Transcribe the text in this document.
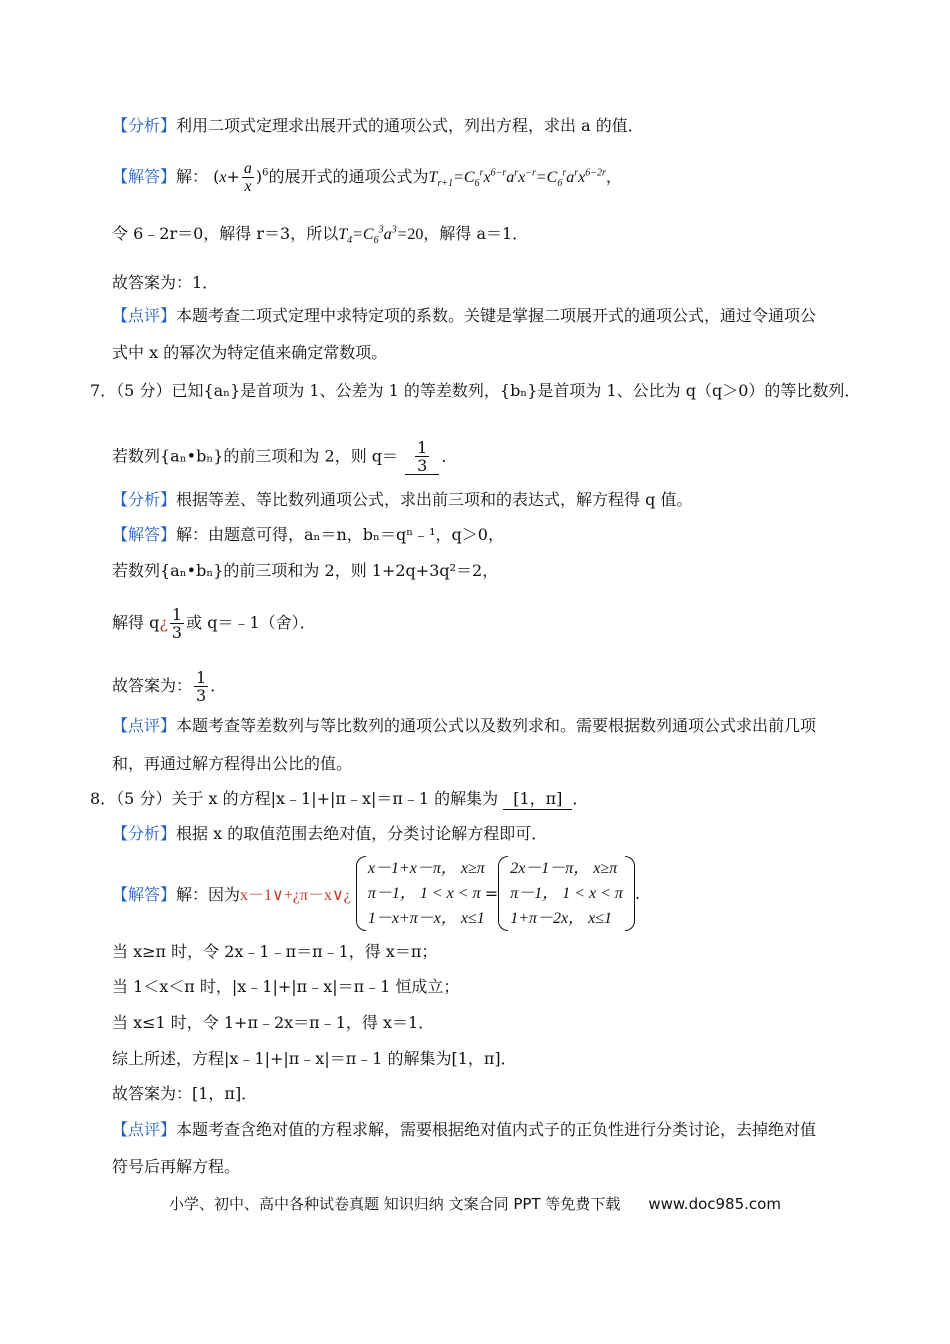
【分析】利用二项式定理求出展开式的通项公式，列出方程，求出 a 的值．
【解答】解： $(x+ \frac{a}{x} )^6$的展开式的通项公式为$T_{r+1}=C_6^rx^{6-r}a^rx^{-r}=C_6^ra^rx^{6-2r}$，
令 6﹣2r＝0，解得 r＝3，所以$T_4=C_6^3a^3=20$，解得 a＝1．
故答案为：1．
【点评】本题考查二项式定理中求特定项的系数。关键是掌握二项展开式的通项公式，通过令通项公
式中 x 的幂次为特定值来确定常数项。
7．（5 分）已知{aₙ}是首项为 1、公差为 1 的等差数列，{bₙ}是首项为 1、公比为 q（q＞0）的等比数列．
若数列{aₙ•bₙ}的前三项和为 2，则 $q= \frac{1}{3}$ ．
【分析】根据等差、等比数列通项公式，求出前三项和的表达式，解方程得 q 值。
【解答】解：由题意可得，aₙ＝n，bₙ＝qⁿ﹣¹，q＞0，
若数列{aₙ•bₙ}的前三项和为 2，则 1+2q+3q²＝2，
解得 q¿ $\frac{1}{3}$ 或 q＝﹣1（舍）．
故答案为： $\frac{1}{3}$ ．
【点评】本题考查等差数列与等比数列的通项公式以及数列求和。需要根据数列通项公式求出前几项
和，再通过解方程得出公比的值。
8．（5 分）关于 x 的方程|x﹣1|+|π﹣x|＝π﹣1 的解集为 [1，π] ．
【分析】根据 x 的取值范围去绝对值，分类讨论解方程即可．
【解答】解：因为x－1∨+¿π－x∨¿
x－1+x－π， x≥π
π－1， 1 < x < π
1－x+π－x， x≤1
=
2x－1－π， x≥π
π－1， 1 < x < π
1+π－2x， x≤1
.
当 x≥π 时，令 2x﹣1﹣π＝π﹣1，得 x＝π；
当 1＜x＜π 时，|x﹣1|+|π﹣x|＝π﹣1 恒成立；
当 x≤1 时，令 1+π﹣2x＝π﹣1，得 x＝1．
综上所述，方程|x﹣1|+|π﹣x|＝π﹣1 的解集为[1，π]．
故答案为：[1，π]．
【点评】本题考查含绝对值的方程求解，需要根据绝对值内式子的正负性进行分类讨论，去掉绝对值
符号后再解方程。
小学、初中、高中各种试卷真题 知识归纳 文案合同 PPT 等免费下载 www.doc985.com
